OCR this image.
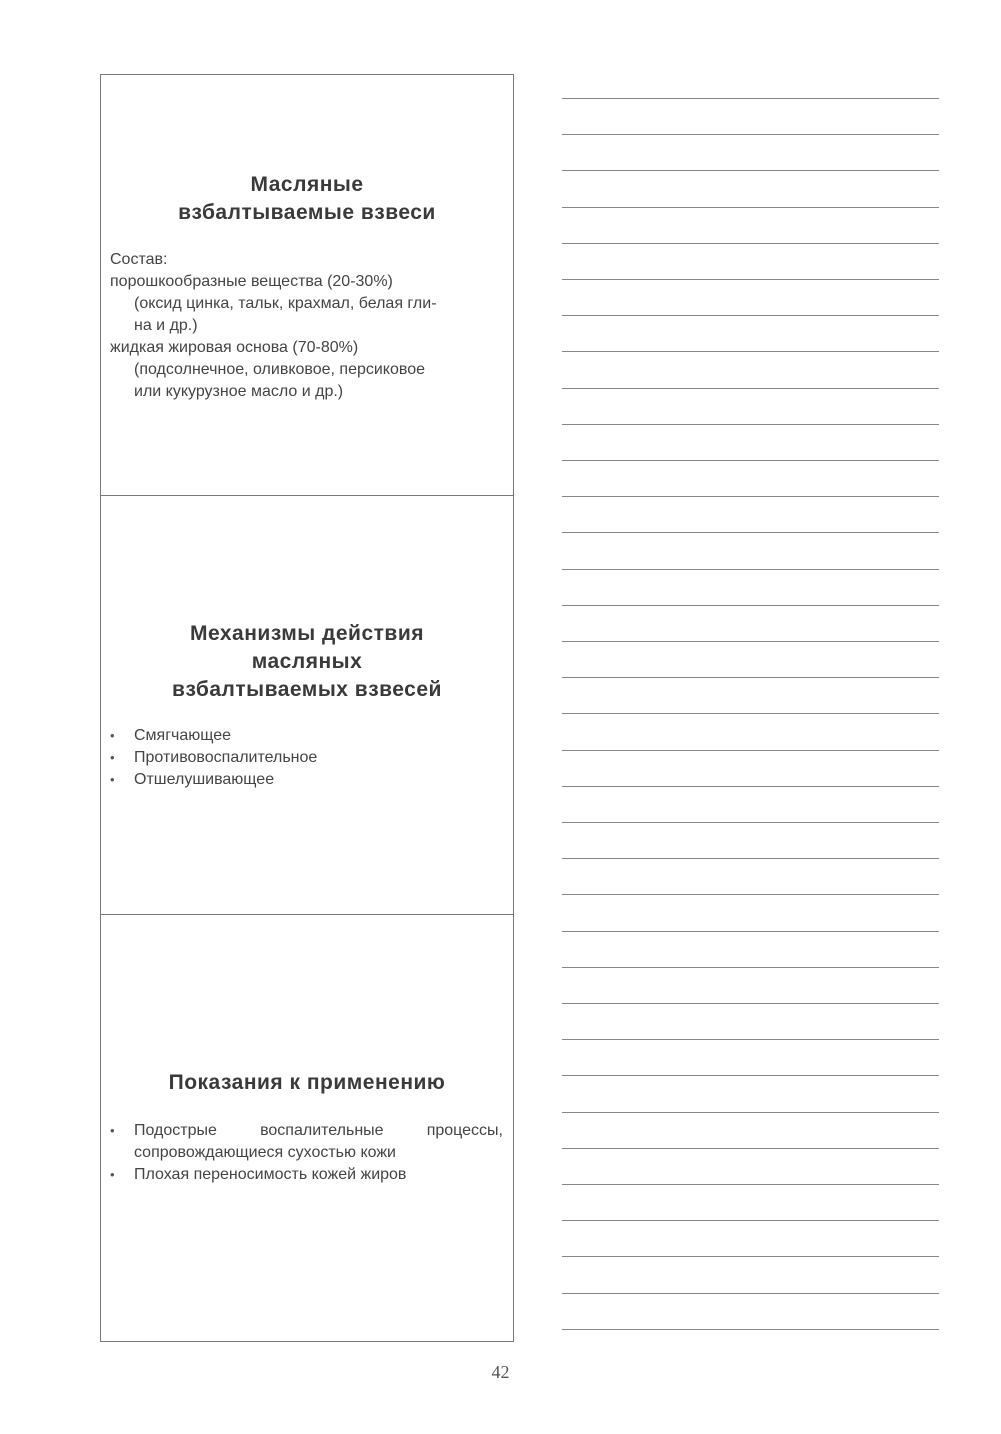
Масляные
взбалтываемые взвеси

Состав:

порошкообразные вещества (20-30%)

(оксид цинка, тальк, крахмал, белая гли-

на и др.)

жидкая жировая основа (70-80%)

(подсолнечное, оливковое, персиковое

или кукурузное масло и др.)

Механизмы действия
масляных
взбалтываемых взвесей
• Смягчающее
• Противовоспалительное
• Отшелушивающее
Показания к применению
• Подострые воспалительные процессы, сопровождающиеся сухостью кожи
• Плохая переносимость кожей жиров
42
